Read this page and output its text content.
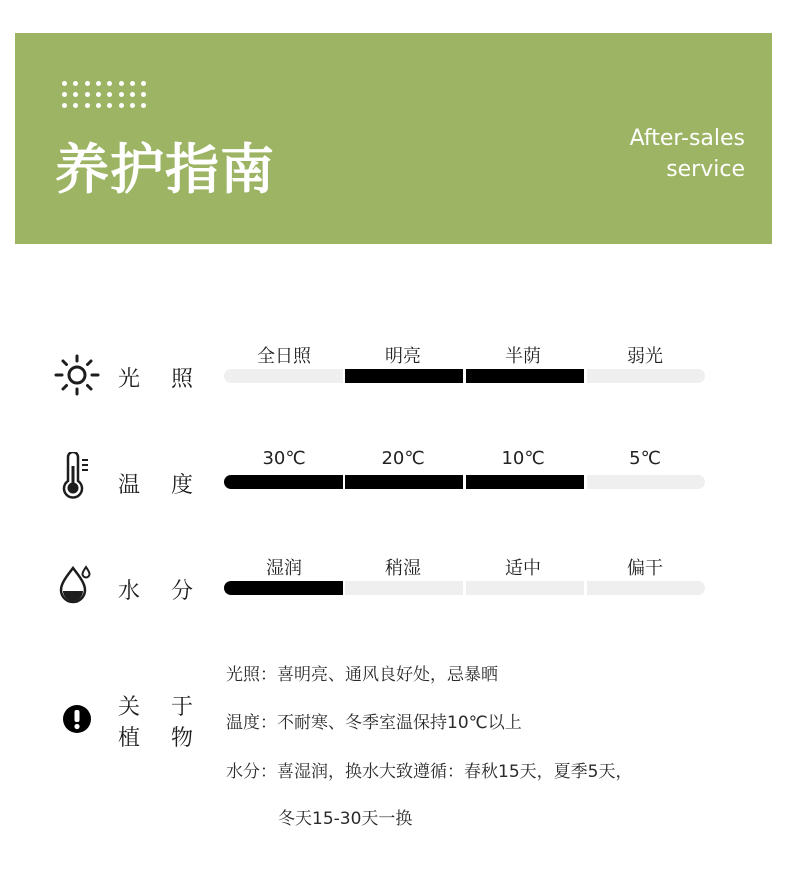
养护指南	After-sales
service
光 照
全日照	明亮	半荫	弱光
温 度
30℃	20℃	10℃	5℃
水 分
湿润	稍湿	适中	偏干
关 于
植 物
光照：喜明亮、通风良好处，忌暴晒
温度：不耐寒、冬季室温保持10℃以上
水分：喜湿润，换水大致遵循：春秋15天，夏季5天，
冬天15-30天一换
